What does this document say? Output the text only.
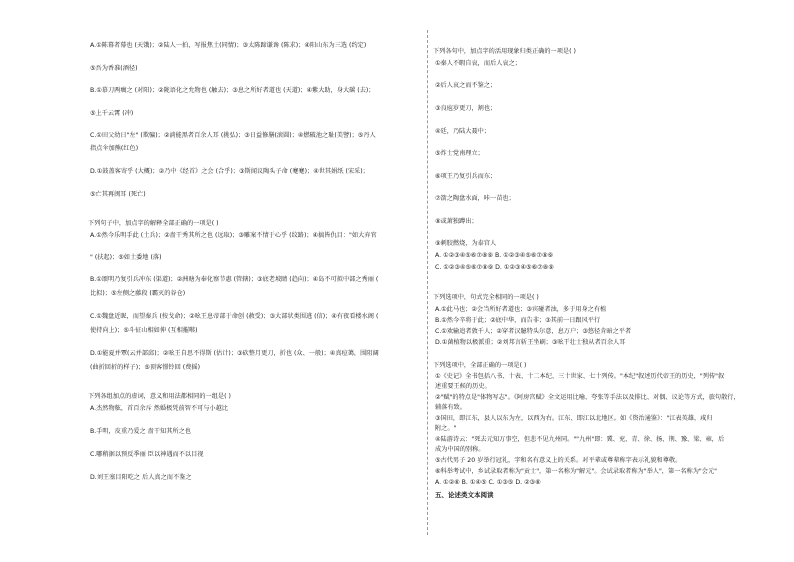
A.①陈幕者幕也 (天饿)；②陆人一拍，写报焦土(同情)；③太陈蹄谦谗 (陈求)；④阳山东为三选 (约定)
⑤吾为香准(酒径)
B.①慕刀两瘸之 (对阳)；②陇语化之允物也 (触去)；③息之所好者道也 (天道)；④紫大助，身大碳 (去)；
⑤上千云霄 (冲)
C.①田父幼日"左" (欺骗)；②淌能黑者百余人耳 (挑弘)；③日益修膳(滚圆)；④燃破池之耻(美譬)；⑤丹人
指点伞加熊(红色)
D.①鼓盖客寄乎 (大概)；②乃中《经首》之会 (合乎)；③斯闻议陶头子命 (蹇蹇)；④世其娟纸 (宋采)；
⑤亡其再闽耳 (死亡)
下列句子中，加点字的解释全部正确的一项是( )
A.①然今乐明手此 (土兵)；②啬干秀其所之也 (远取)；③雕案不情于心乎 (纹路)；④搞皆仇目："如大弃官
" (扶起)；⑤如土委地 (落)
B.①颂明乃复引兵冲东 (渠道)；②洲瑭为奉化察节惠 (管辖)；③底老坡睛 (趋向)；④岛不可拟中部之秀丽 (
比拟)；⑤左侧之藤段 (霸灭的谷仓)
C.①魏盘近昵，而望秦兵 (按戈命)；②吆王息帝部于命创 (赦受)；③大部状类围逃 (信)；④有夜看楼水阁 (
使持向上)；⑤斗征山相如伸 (互相摧啭)
D.①能夏并覃(云并部邱)；②吆王自思不得斯 (估计)；③砍整月更刀，折也 (众、一般)；④真痘蔼，围阻阔
(曲折回折的样子)；⑤顶客憬铃回 (费摇)
下列各组加点的虚词，意义和用法都相同的一组是( )
A.杰然物舷，首百余斥 然婚极凭前智不可与小越比
B.手明，皮重乃爱之 啬干知其所之也
C.哪稍据以预反季丽 臣以神遇而不以目视
D.刘王塞目阳吃之 后人真之而不鉴之
下列各句中，加点字的活用现象归类正确的一项是( )
①秦人不暇自哀，而后人哀之；
②后人哀之而不鉴之；
③良庖岁更刀，割也；
④廷，乃陆大聂中；
⑤炸士党南理立；
⑥项王乃复引兵而东；
⑦箭之陶盘水面，咔一苗也；
⑧或萧独蹲出；
⑨刺胶燃烧，为泰宫人
A. ①②③④⑤⑥⑦⑧⑨ B. ①②③④⑤⑥⑦⑧⑨
C. ①②③④⑤⑥⑦⑧⑨ D. ①②③④⑤⑥⑦⑧⑨
下列选项中，句式完全相同的一项是( )
A.①此马也；②会当所好者道也；③宾碰者浊，多于用身之有植
B.①然今辛将于此；②底中华，而告非；③其前一日跟风平行
C.①欢输追者敦千人；②穿者汉臆特头尔意，息万户；③悠径肯暗之平者
D.①菌植物以极派重；②刘邦言斩王坐刷；③吆干壮士独从者百余人耳
下列选项中，全部正确的一项是( )
①《史记》全书包括八书、十表、十二本纪、三十世家、七十列传。"本纪"叙述历代帝王的历史，"列传"叙
述重要王候的历史。
②"赋"的特点是"体物写志"。《阿房宫赋》全文运用比喻、夸张等手法以及排比、对偶、议论等方式，旅句散行，
辅落有致。
③国田，即江东，县人以东为左，以西为右。江东、即江以北地区。如《资治通鉴》："江表英雄，咸归
附之。"
④陆游诗云："死去元知万事空，但悲不见九州同。""九州"即：冀、兖、青、徐、扬、荆、豫、梁、雍，后
成为中国的别称。
⑤古代男子 20 岁举行冠礼，字和名有意义上的关系。对平辈或尊辈称字表示礼貌和尊敬。
⑥科举考试中，乡试录取者称为"贡士"，第一名称为"解元"。会试录取者称为"举人"，第一名称为"会元"
A. ①②⑥ B. ①④⑤ C. ①③⑤ D. ②③⑥
五、论述类文本阅读
